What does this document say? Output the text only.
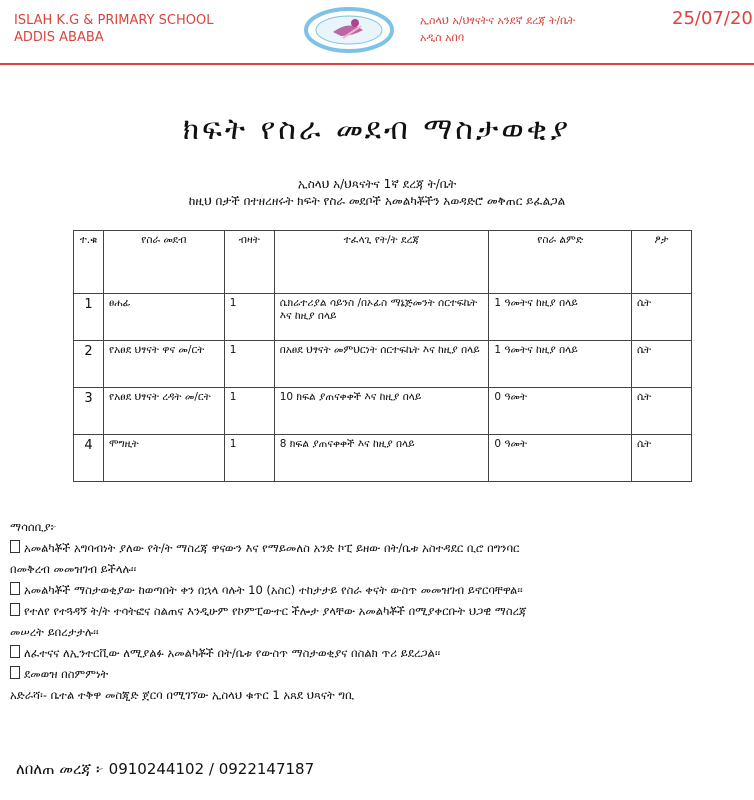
ISLAH K.G & PRIMARY SCHOOL
ADDIS ABABA
ኢስላህ አ/ህፃናትና አንደኛ ደረጃ ት/ቤት
አዲስ አበባ
25/07/20
ክፍት የስራ መደብ ማስታወቂያ
ኢስላህ አ/ህጻናትና 1ኛ ደረጃ ት/ቤት
ከዚህ በታች በተዘረዘሩት ክፍት የስራ መደቦች አመልካቾችን አወዳድሮ መቅጠር ይፈልጋል
ተ.ቁ	የስራ መደብ	ብዛት	ተፈላጊ የት/ት ደረጃ	የስራ ልምድ	ፆታ
1	ፀሐፊ	1	ሴክሬተሪያል ሳይንስ /በኦፊስ ማኔጅመንት ሰርተፍኬት እና ከዚያ በላይ	1 ዓመትና ከዚያ በላይ	ሴት
2	የአፀደ ህፃናት ዋና መ/ርት	1	በአፀደ ህፃናት መምህርነት ሰርተፍኬት እና ከዚያ በላይ	1 ዓመትና ከዚያ በላይ	ሴት
3	የአፀደ ህፃናት ረዳት መ/ርት	1	10 ክፍል ያጠናቀቀች እና ከዚያ በላይ	0 ዓመት	ሴት
4	ሞግዚት	1	8 ክፍል ያጠናቀቀች እና ከዚያ በላይ	0 ዓመት	ሴት
ማሳሰቢያ፦
አመልካቾች አግባብነት ያለው የት/ት ማስረጃ ዋናውን እና የማይመለስ አንድ ኮፒ ይዘው በት/ቤቱ አስተዳደር ቢሮ በግንባር
በመቅረብ መመዝገብ ይችላሉ፡፡
አመልካቾች ማስታወቂያው ከወጣበት ቀን በኋላ ባሉት 10 (አስር) ተከታታይ የስራ ቀናት ውስጥ መመዝገብ ይኖርባቸዋል፡፡
የተለየ የተጓዳኝ ት/ት ተሳትፎና ስልጠና እንዲሁም የኮምፒውተር ችሎታ ያላቸው አመልካቾች በሚያቀርቡት ህጋዊ ማስረጃ
መሠረት ይበረታታሉ፡፡
ለፈተናና ለኢንተርቪው ለሚያልፉ አመልካቾች በት/ቤቱ የውስጥ ማስታወቂያና በስልክ ጥሪ ይደረጋል፡፡
ደመወዝ በስምምነት
አድራሻ፡- ቤተል ተቅዋ መስጂድ ጀርባ በሚገኘው ኢስላህ ቁጥር 1 አጸደ ህጻናት ግቢ
ለበለጠ መረጃ ፦ 0910244102 / 0922147187
